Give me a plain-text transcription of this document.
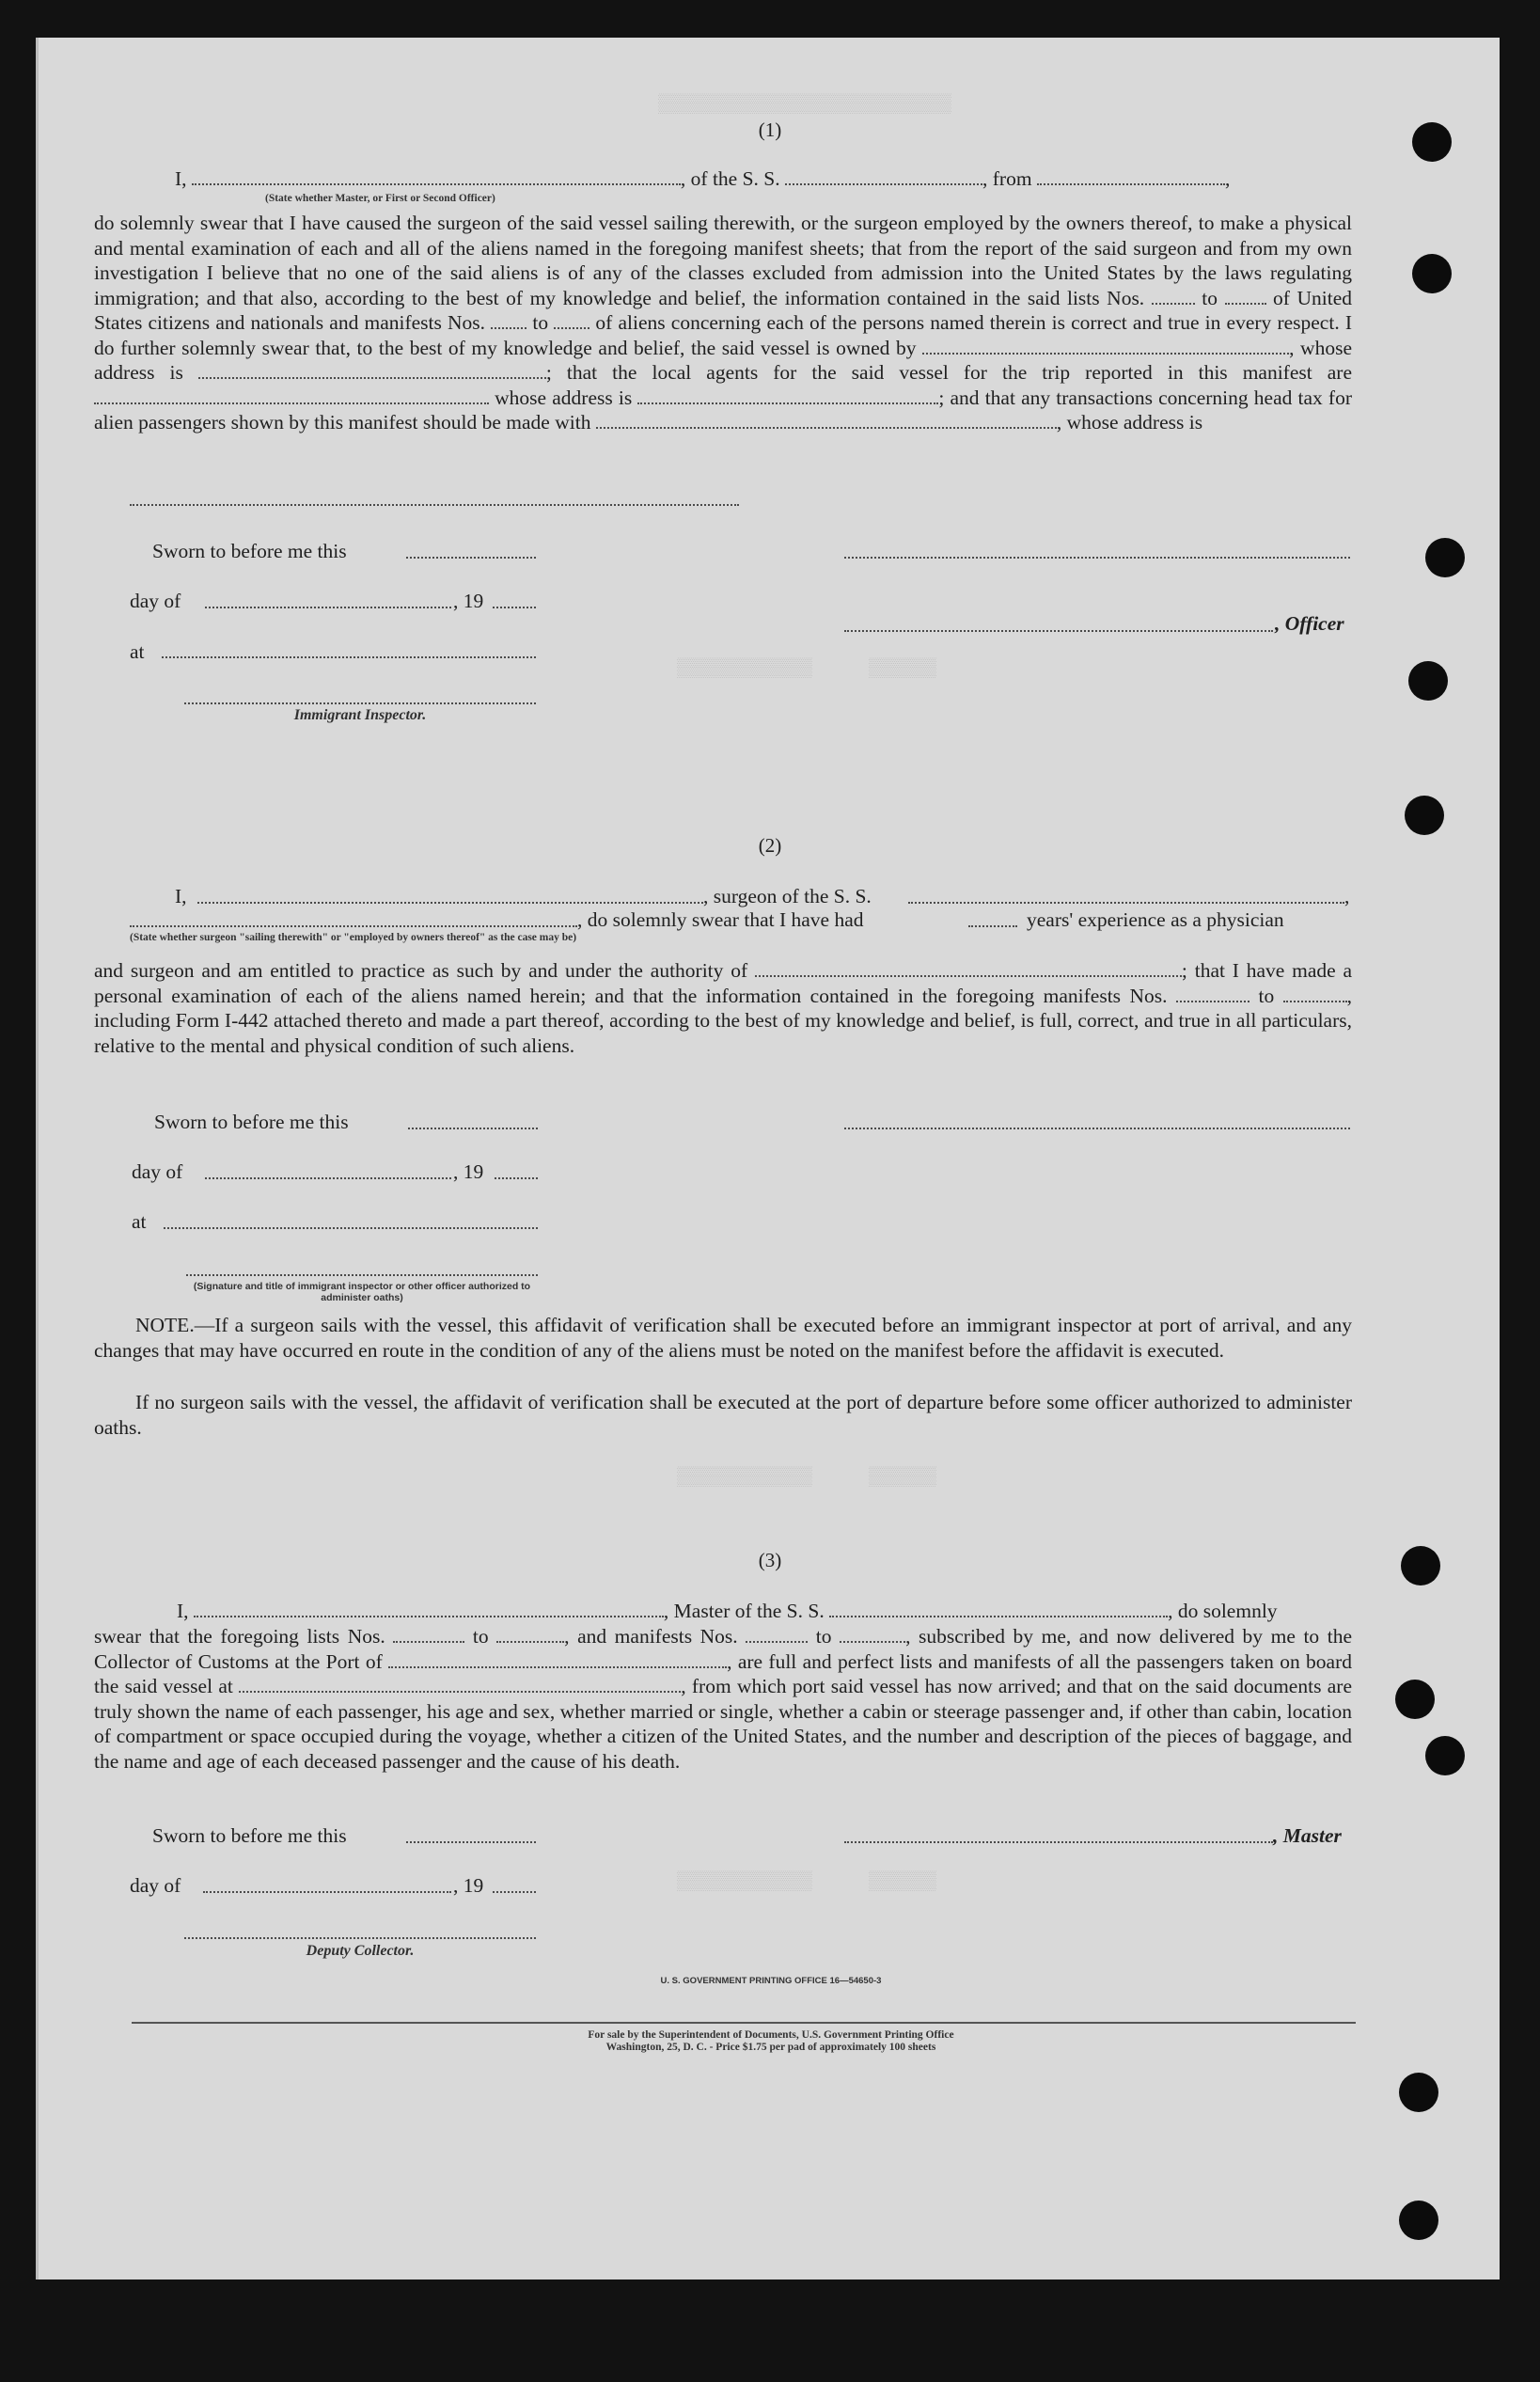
▒▒▒▒▒▒▒▒▒▒▒▒▒▒▒▒▒▒▒▒▒▒▒▒▒▒
▒▒▒▒▒▒▒▒▒▒▒▒     ▒▒▒▒▒▒
▒▒▒▒▒▒▒▒▒▒▒▒     ▒▒▒▒▒▒
▒▒▒▒▒▒▒▒▒▒▒▒     ▒▒▒▒▒▒
(1)
I,	, of the S. S.	, from	,
(State whether Master, or First or Second Officer)
do solemnly swear that I have caused the surgeon of the said vessel sailing therewith, or the surgeon employed by the owners thereof, to make a physical and mental examination of each and all of the aliens named in the foregoing manifest sheets; that from the report of the said surgeon and from my own investigation I believe that no one of the said aliens is of any of the classes excluded from admission into the United States by the laws regulating immigration; and that also, according to the best of my knowledge and belief, the information contained in the said lists Nos.	to	of United States citizens and nationals and manifests Nos. to of aliens concerning each of the persons named therein is correct and true in every respect. I do further solemnly swear that, to the best of my knowledge and belief, the said vessel is owned by	, whose address is	; that the local agents for the said vessel for the trip reported in this manifest are  whose address is	; and that any transactions concerning head tax for alien passengers shown by this manifest should be made with	, whose address is
Sworn to before me this
day of	, 19
at
Immigrant Inspector.
, Officer
(2)
I,	, surgeon of the S. S.	,
, do solemnly swear that I have had	years' experience as a physician
(State whether surgeon "sailing therewith" or "employed by owners thereof" as the case may be)
and surgeon and am entitled to practice as such by and under the authority of	; that I have made a personal examination of each of the aliens named herein; and that the information contained in the foregoing manifests Nos.	to	, including Form I-442 attached thereto and made a part thereof, according to the best of my knowledge and belief, is full, correct, and true in all particulars, relative to the mental and physical condition of such aliens.
Sworn to before me this
day of	, 19
at
(Signature and title of immigrant inspector or other officer authorized to administer oaths)
NOTE.—If a surgeon sails with the vessel, this affidavit of verification shall be executed before an immigrant inspector at port of arrival, and any changes that may have occurred en route in the condition of any of the aliens must be noted on the manifest before the affidavit is executed.
If no surgeon sails with the vessel, the affidavit of verification shall be executed at the port of departure before some officer authorized to administer oaths.
(3)
I,	, Master of the S. S.	, do solemnly
swear that the foregoing lists Nos.	to	, and manifests Nos.	to	, subscribed by me, and now delivered by me to the Collector of Customs at the Port of	, are full and perfect lists and manifests of all the passengers taken on board the said vessel at	, from which port said vessel has now arrived; and that on the said documents are truly shown the name of each passenger, his age and sex, whether married or single, whether a cabin or steerage passenger and, if other than cabin, location of compartment or space occupied during the voyage, whether a citizen of the United States, and the number and description of the pieces of baggage, and the name and age of each deceased passenger and the cause of his death.
Sworn to before me this
day of	, 19
Deputy Collector.
, Master
U. S. GOVERNMENT PRINTING OFFICE 16—54650-3
For sale by the Superintendent of Documents, U.S. Government Printing Office
Washington, 25, D. C. - Price $1.75 per pad of approximately 100 sheets
